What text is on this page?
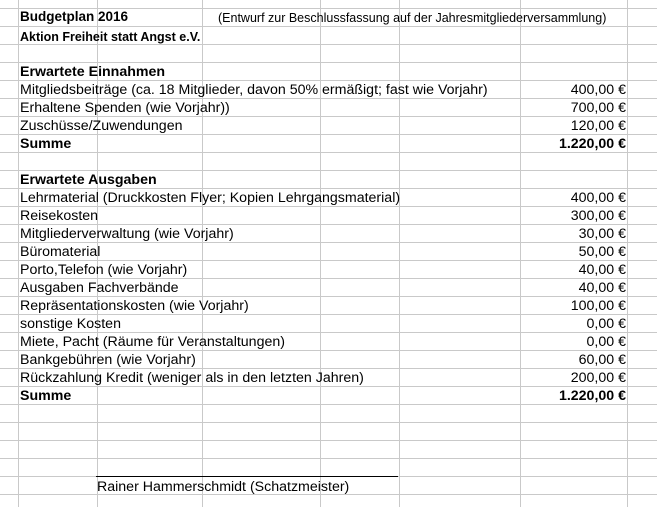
Budgetplan 2016	(Entwurf zur Beschlussfassung auf der Jahresmitgliederversammlung)
Aktion Freiheit statt Angst e.V.
Erwartete Einnahmen
Mitgliedsbeiträge (ca. 18 Mitglieder, davon 50% ermäßigt; fast wie Vorjahr)	400,00 €
Erhaltene Spenden (wie Vorjahr))	700,00 €
Zuschüsse/Zuwendungen	120,00 €
Summe	1.220,00 €
Erwartete Ausgaben
Lehrmaterial (Druckkosten Flyer; Kopien Lehrgangsmaterial)	400,00 €
Reisekosten	300,00 €
Mitgliederverwaltung (wie Vorjahr)	30,00 €
Büromaterial	50,00 €
Porto,Telefon (wie Vorjahr)	40,00 €
Ausgaben Fachverbände	40,00 €
Repräsentationskosten (wie Vorjahr)	100,00 €
sonstige Kosten	0,00 €
Miete, Pacht (Räume für Veranstaltungen)	0,00 €
Bankgebühren (wie Vorjahr)	60,00 €
Rückzahlung Kredit (weniger als in den letzten Jahren)	200,00 €
Summe	1.220,00 €
Rainer Hammerschmidt (Schatzmeister)
